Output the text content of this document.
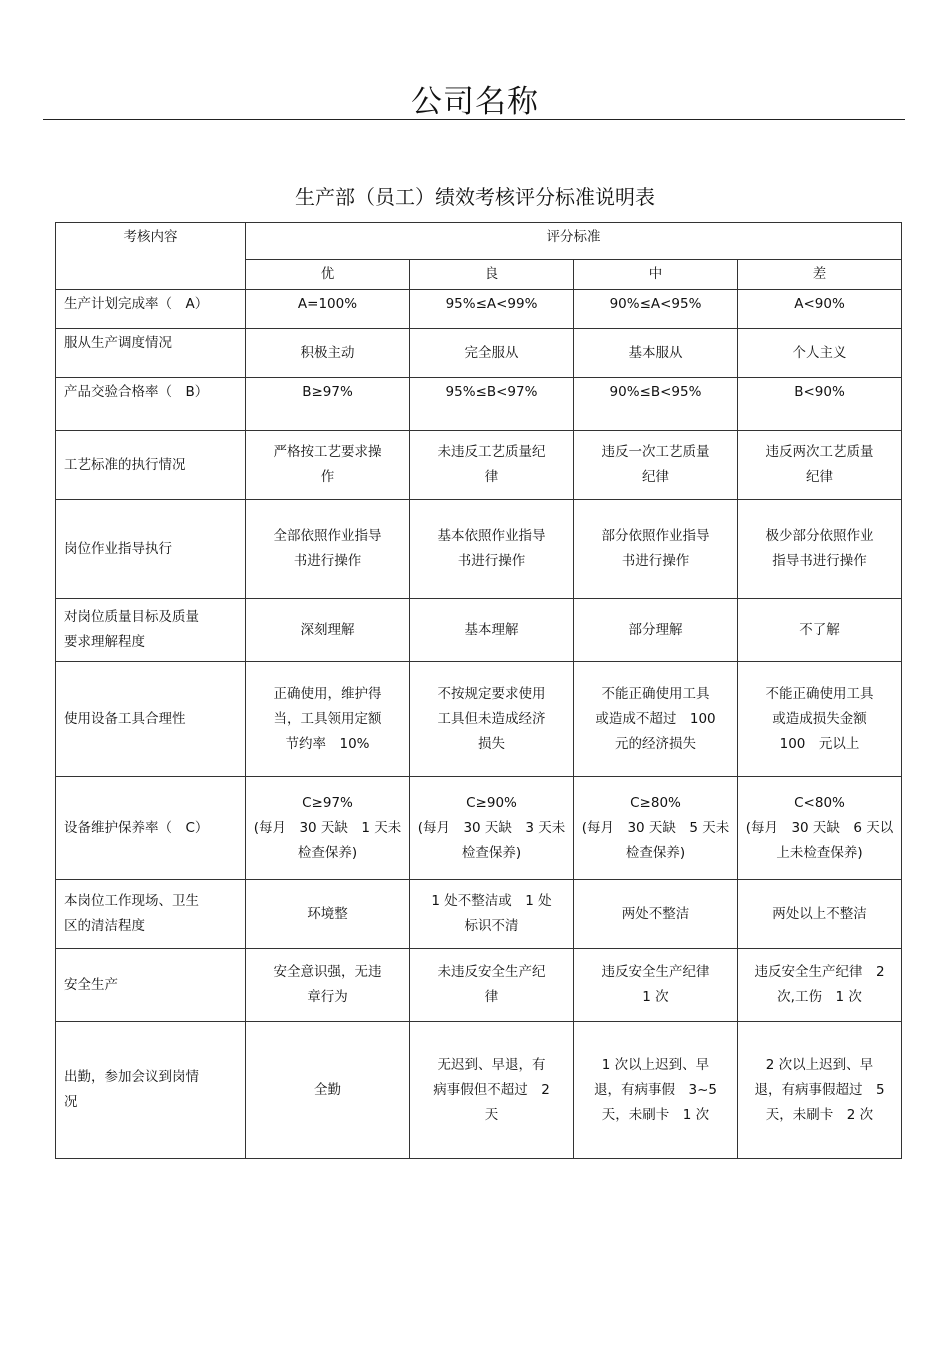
公司名称
生产部（员工）绩效考核评分标准说明表
考核内容	评分标准			
	优	良	中	差

生产计划完成率（　A）	A=100%	95%≤A<99%	90%≤A<95%	A<90%

服从生产调度情况	积极主动	完全服从	基本服从	个人主义

产品交验合格率（　B）	B≥97%	95%≤B<97%	90%≤B<95%	B<90%

工艺标准的执行情况	严格按工艺要求操
作	未违反工艺质量纪
律	违反一次工艺质量
纪律	违反两次工艺质量
纪律

岗位作业指导执行	全部依照作业指导
书进行操作	基本依照作业指导
书进行操作	部分依照作业指导
书进行操作	极少部分依照作业
指导书进行操作

对岗位质量目标及质量
要求理解程度	深刻理解	基本理解	部分理解	不了解

使用设备工具合理性	正确使用，维护得
当，工具领用定额
节约率　10%	不按规定要求使用
工具但未造成经济
损失	不能正确使用工具
或造成不超过　100
元的经济损失	不能正确使用工具
或造成损失金额
100　元以上

设备维护保养率（　C）	C≥97%
(每月　30 天缺　1 天未
检查保养)	C≥90%
(每月　30 天缺　3 天未
检查保养)	C≥80%
(每月　30 天缺　5 天未
检查保养)	C<80%
(每月　30 天缺　6 天以
上未检查保养)

本岗位工作现场、卫生
区的清洁程度	环境整	1 处不整洁或　1 处
标识不清	两处不整洁	两处以上不整洁

安全生产	安全意识强，无违
章行为	未违反安全生产纪
律	违反安全生产纪律
1 次	违反安全生产纪律　2
次,工伤　1 次

出勤，参加会议到岗情
况	全勤	无迟到、早退，有
病事假但不超过　2
天	1 次以上迟到、早
退，有病事假　3~5
天，未刷卡　1 次	2 次以上迟到、早
退，有病事假超过　5
天，未刷卡　2 次
